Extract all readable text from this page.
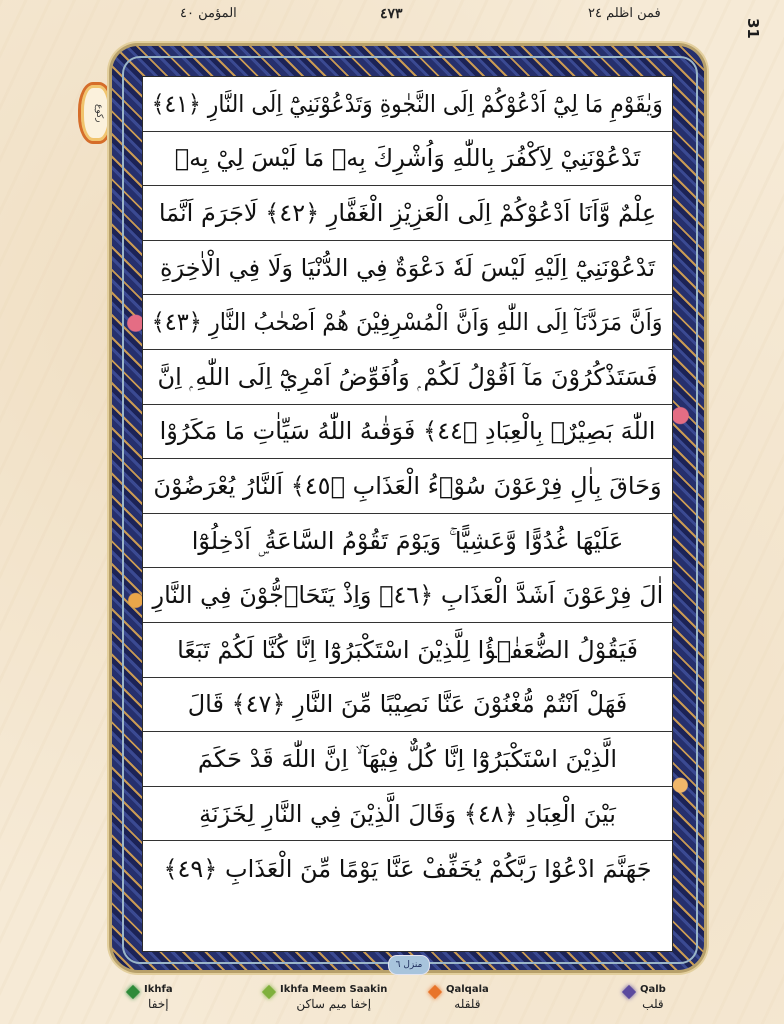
فمن اظلم ٢٤
٤٧٣
المؤمن ٤٠
31
ركوع	وَيٰقَوْمِ مَا لِيْٓ اَدْعُوْكُمْ اِلَى النَّجٰوةِ وَتَدْعُوْنَنِيْٓ اِلَى النَّارِ ﴿٤١﴾
تَدْعُوْنَنِيْ لِاَكْفُرَ بِاللّٰهِ وَاُشْرِكَ بِهٖ مَا لَيْسَ لِيْ بِهٖ
عِلْمٌ وَّاَنَا اَدْعُوْكُمْ اِلَى الْعَزِيْزِ الْغَفَّارِ ﴿٤٢﴾ لَاجَرَمَ اَنَّمَا
تَدْعُوْنَنِيْٓ اِلَيْهِ لَيْسَ لَهٗ دَعْوَةٌ فِي الدُّنْيَا وَلَا فِي الْاٰخِرَةِ
وَاَنَّ مَرَدَّنَآ اِلَى اللّٰهِ وَاَنَّ الْمُسْرِفِيْنَ هُمْ اَصْحٰبُ النَّارِ ﴿٤٣﴾
فَسَتَذْكُرُوْنَ مَآ اَقُوْلُ لَكُمْ ۭ وَاُفَوِّضُ اَمْرِيْٓ اِلَى اللّٰهِ ۭ اِنَّ
اللّٰهَ بَصِيْرٌۢ بِالْعِبَادِ ﴿٤٤﴾ فَوَقٰىهُ اللّٰهُ سَيِّاٰتِ مَا مَكَرُوْا
وَحَاقَ بِاٰلِ فِرْعَوْنَ سُوْۗءُ الْعَذَابِ ﴿٤٥﴾ اَلنَّارُ يُعْرَضُوْنَ
عَلَيْهَا غُدُوًّا وَّعَشِيًّا ۚ وَيَوْمَ تَقُوْمُ السَّاعَةُ ۣ اَدْخِلُوْٓا
اٰلَ فِرْعَوْنَ اَشَدَّ الْعَذَابِ ﴿٤٦﴾ وَاِذْ يَتَحَاۗجُّوْنَ فِي النَّارِ
فَيَقُوْلُ الضُّعَفٰۗؤُا لِلَّذِيْنَ اسْتَكْبَرُوْٓا اِنَّا كُنَّا لَكُمْ تَبَعًا
فَهَلْ اَنْتُمْ مُّغْنُوْنَ عَنَّا نَصِيْبًا مِّنَ النَّارِ ﴿٤٧﴾ قَالَ
الَّذِيْنَ اسْتَكْبَرُوْٓا اِنَّا كُلٌّ فِيْهَآ ۙ اِنَّ اللّٰهَ قَدْ حَكَمَ
بَيْنَ الْعِبَادِ ﴿٤٨﴾ وَقَالَ الَّذِيْنَ فِي النَّارِ لِخَزَنَةِ
جَهَنَّمَ ادْعُوْا رَبَّكُمْ يُخَفِّفْ عَنَّا يَوْمًا مِّنَ الْعَذَابِ ﴿٤٩﴾
منزل ٦
Ikhfa
إخفا
Ikhfa Meem Saakin
إخفا ميم ساكن
Qalqala
قلقله
Qalb
قلب
